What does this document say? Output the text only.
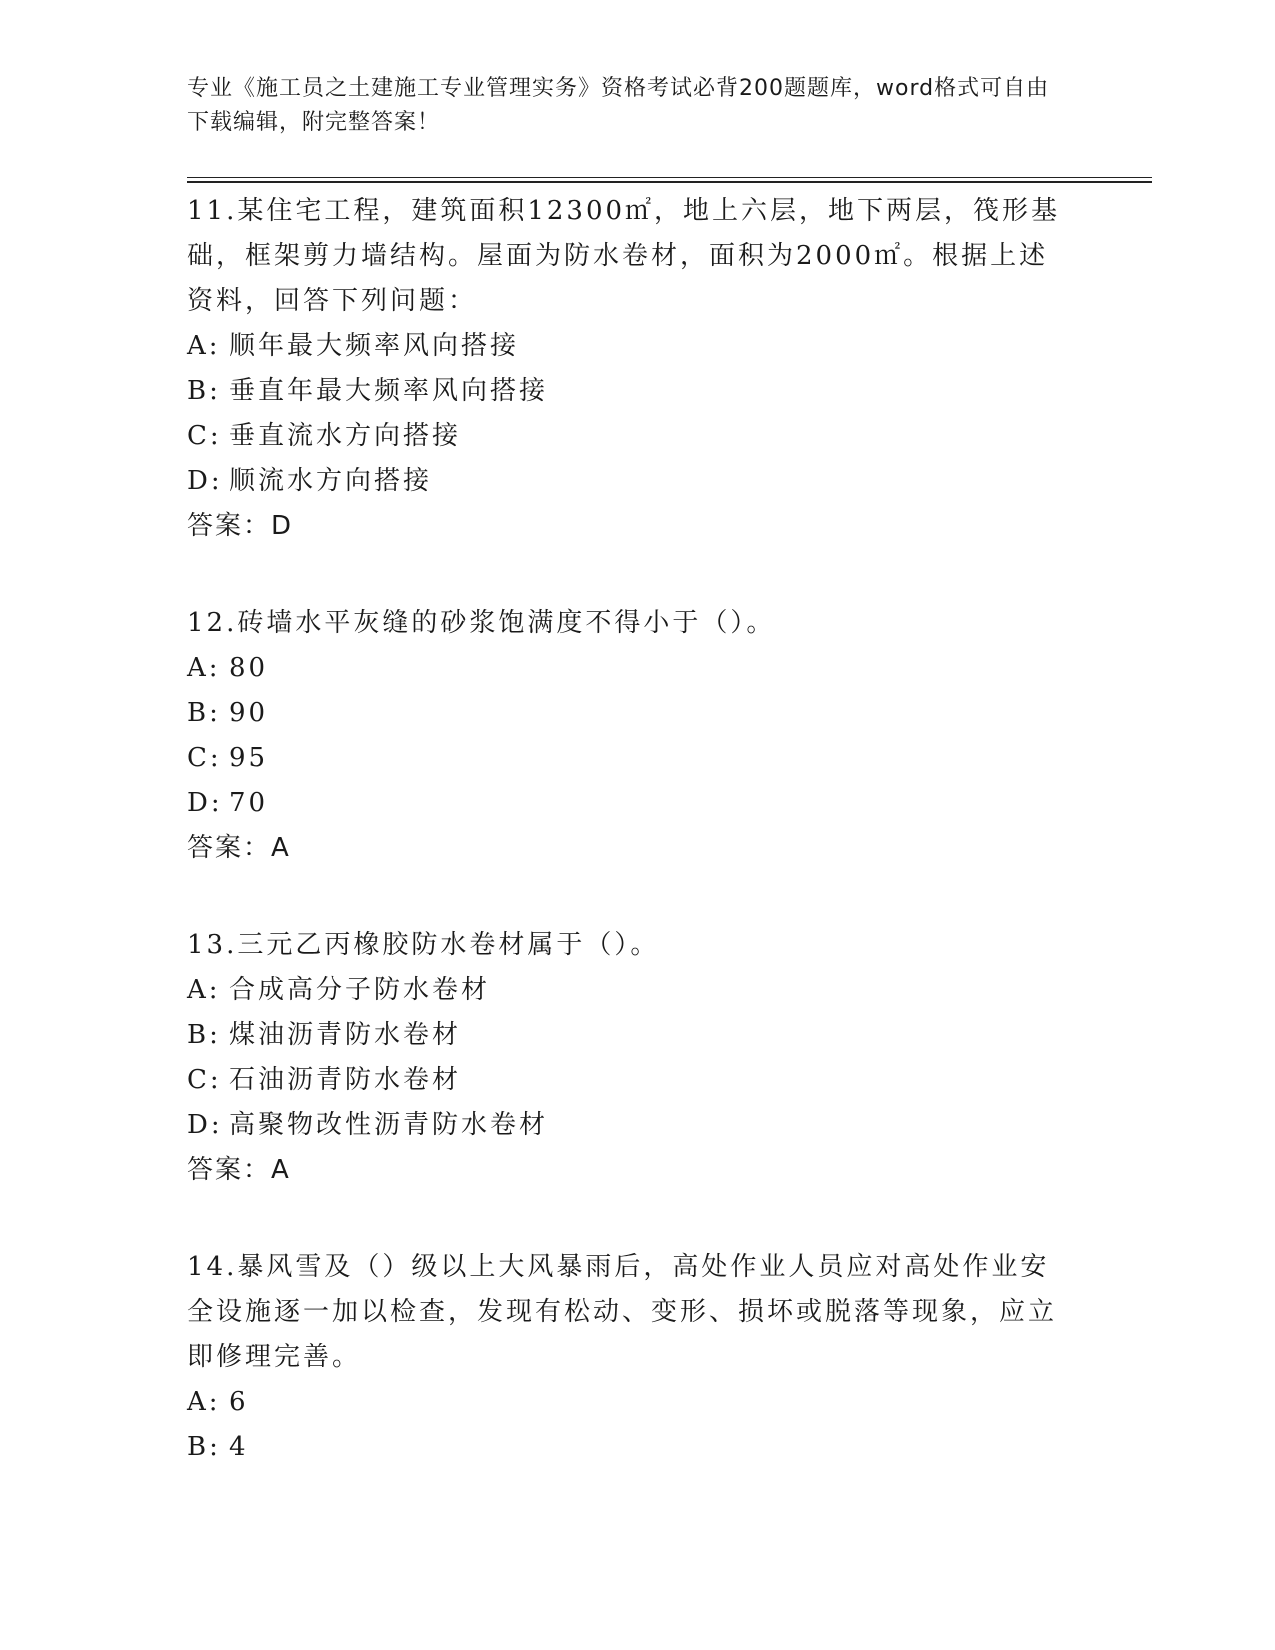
专业《施工员之土建施工专业管理实务》资格考试必背200题题库，word格式可自由下载编辑，附完整答案！

11.某住宅工程，建筑面积12300㎡，地上六层，地下两层，筏形基础，框架剪力墙结构。屋面为防水卷材，面积为2000㎡。根据上述资料，回答下列问题：

A: 顺年最大频率风向搭接

B: 垂直年最大频率风向搭接

C: 垂直流水方向搭接

D: 顺流水方向搭接

答案：D

12.砖墙水平灰缝的砂浆饱满度不得小于（）。

A: 80

B: 90

C: 95

D: 70

答案：A

13.三元乙丙橡胶防水卷材属于（）。

A: 合成高分子防水卷材

B: 煤油沥青防水卷材

C: 石油沥青防水卷材

D: 高聚物改性沥青防水卷材

答案：A

14.暴风雪及（）级以上大风暴雨后，高处作业人员应对高处作业安全设施逐一加以检查，发现有松动、变形、损坏或脱落等现象，应立即修理完善。

A: 6

B: 4
